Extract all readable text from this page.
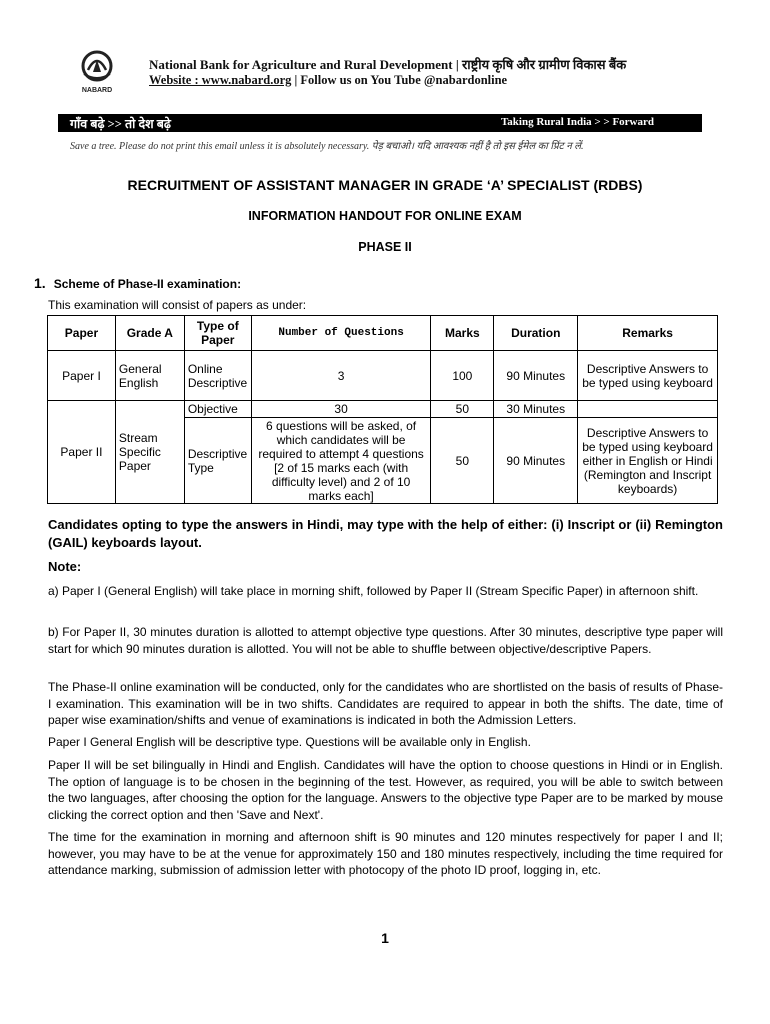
NABARD
National Bank for Agriculture and Rural Development | राष्ट्रीय कृषि और ग्रामीण विकास बैंक
Website : www.nabard.org | Follow us on You Tube @nabardonline
गाँव बढ़े >> तो देश बढ़े	Taking Rural India > > Forward
Save a tree. Please do not print this email unless it is absolutely necessary. पेड़ बचाओ। यदि आवश्यक नहीं है तो इस ईमेल का प्रिंट न लें.
RECRUITMENT OF ASSISTANT MANAGER IN GRADE ‘A’ SPECIALIST (RDBS)
INFORMATION HANDOUT FOR ONLINE EXAM
PHASE II
1. Scheme of Phase-II examination:
This examination will consist of papers as under:
Paper	Grade A	Type of Paper	Number of Questions	Marks	Duration	Remarks
Paper I	General English	Online Descriptive	3	100	90 Minutes	Descriptive Answers to be typed using keyboard
Paper II	Stream Specific Paper	Objective	30	50	30 Minutes	
		Descriptive Type	6 questions will be asked, of which candidates will be required to attempt 4 questions [2 of 15 marks each (with difficulty level) and 2 of 10 marks each]	50	90 Minutes	Descriptive Answers to be typed using keyboard either in English or Hindi (Remington and Inscript keyboards)
Candidates opting to type the answers in Hindi, may type with the help of either: (i) Inscript or (ii) Remington (GAIL) keyboards layout.
Note:
a) Paper I (General English) will take place in morning shift, followed by Paper II (Stream Specific Paper) in afternoon shift.
b) For Paper II, 30 minutes duration is allotted to attempt objective type questions. After 30 minutes, descriptive type paper will start for which 90 minutes duration is allotted. You will not be able to shuffle between objective/descriptive Papers.
The Phase-II online examination will be conducted, only for the candidates who are shortlisted on the basis of results of Phase-I examination. This examination will be in two shifts. Candidates are required to appear in both the shifts. The date, time of paper wise examination/shifts and venue of examinations is indicated in both the Admission Letters.
Paper I General English will be descriptive type. Questions will be available only in English.
Paper II will be set bilingually in Hindi and English. Candidates will have the option to choose questions in Hindi or in English. The option of language is to be chosen in the beginning of the test. However, as required, you will be able to switch between the two languages, after choosing the option for the language. Answers to the objective type Paper are to be marked by mouse clicking the correct option and then 'Save and Next'.
The time for the examination in morning and afternoon shift is 90 minutes and 120 minutes respectively for paper I and II; however, you may have to be at the venue for approximately 150 and 180 minutes respectively, including the time required for attendance marking, submission of admission letter with photocopy of the photo ID proof, logging in, etc.
1
